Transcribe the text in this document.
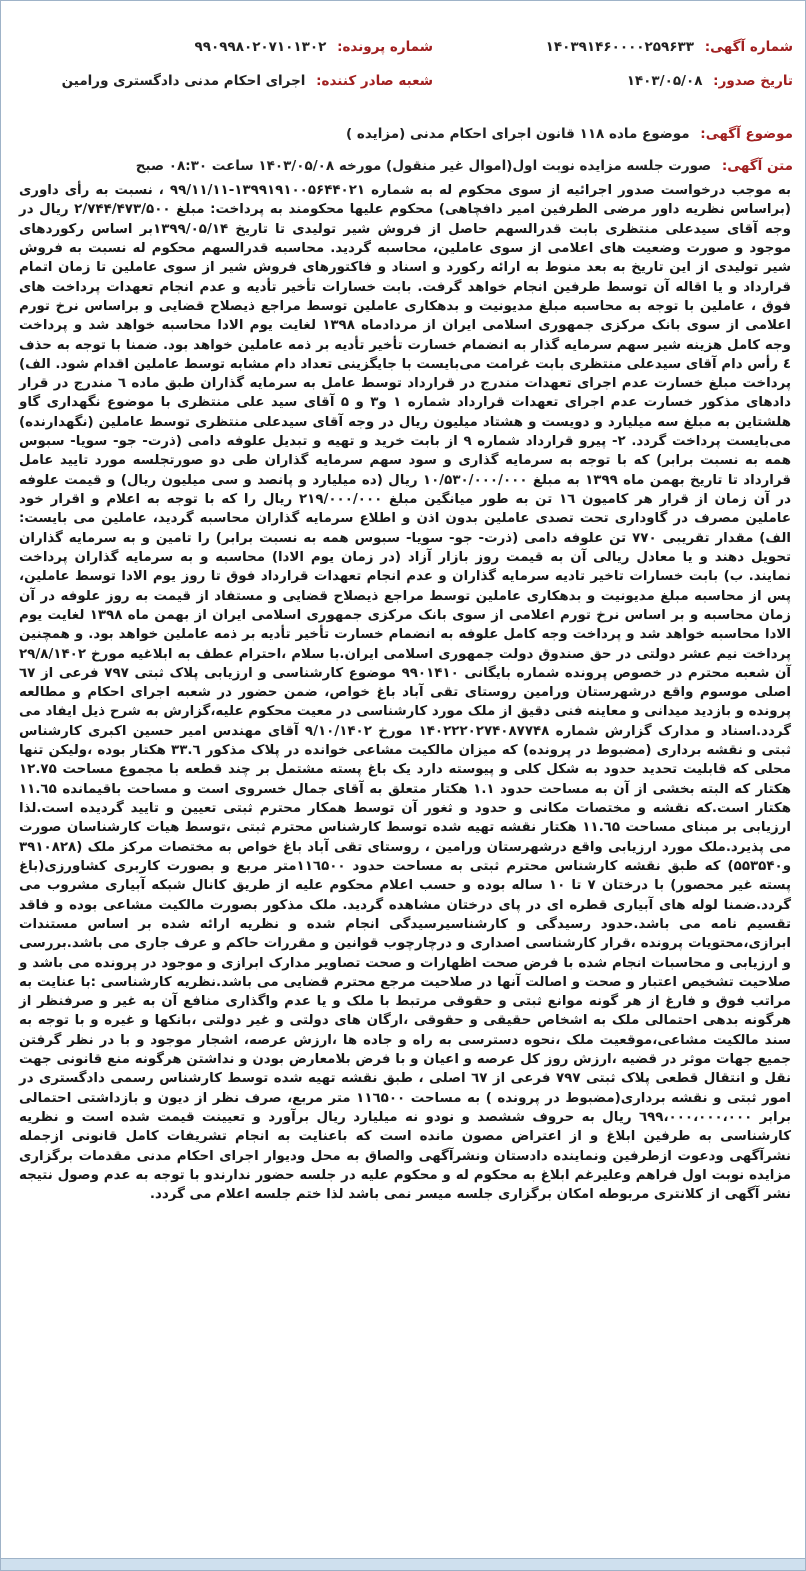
شماره آگهی: ۱۴۰۳۹۱۴۶۰۰۰۰۲۵۹۶۳۳
شماره پرونده: ۹۹۰۹۹۸۰۲۰۷۱۰۱۳۰۲
تاریخ صدور: ۱۴۰۳/۰۵/۰۸
شعبه صادر کننده: اجرای احکام مدنی دادگستری ورامین
موضوع آگهی: موضوع ماده ۱۱۸ قانون اجرای احکام مدنی (مزایده )
متن آگهی: صورت جلسه مزایده نوبت اول(اموال غیر منقول) مورخه ۱۴۰۳/۰۵/۰۸ ساعت ۰۸:۳۰ صبح
به موجب درخواست صدور اجرائیه از سوی محکوم له به شماره ۱۳۹۹۱۹۱۰۰۵۶۴۴۰۲۱-۹۹/۱۱/۱۱ ، نسبت به رأی داوری (براساس نظریه داور مرضی الطرفین امیر دافچاهی) محکوم علیها محکومند به پرداخت: مبلغ ۲/۷۴۴/۴۷۳/۵۰۰ ریال در وجه آقای سیدعلی منتظری بابت قدرالسهم حاصل از فروش شیر تولیدی تا تاریخ ۱۳۹۹/۰۵/۱۴بر اساس رکوردهای موجود و صورت وضعیت های اعلامی از سوی عاملین، محاسبه گردید. محاسبه قدرالسهم محکوم له نسبت به فروش شیر تولیدی از این تاریخ به بعد منوط به ارائه رکورد و اسناد و فاکتورهای فروش شیر از سوی عاملین تا زمان اتمام قرارداد و یا اقاله آن توسط طرفین انجام خواهد گرفت. بابت خسارات تأخیر تأدیه و عدم انجام تعهدات پرداخت های فوق ، عاملین با توجه به محاسبه مبلغ مدیونیت و بدهکاری عاملین توسط مراجع ذیصلاح قضایی و براساس نرخ تورم اعلامی از سوی بانک مرکزی جمهوری اسلامی ایران از مردادماه ۱۳۹۸ لغایت یوم الادا محاسبه خواهد شد و پرداخت وجه کامل هزینه شیر سهم سرمایه گذار به انضمام خسارت تأخیر تأدیه بر ذمه عاملین خواهد بود. ضمنا با توجه به حذف ٤ رأس دام آقای سیدعلی منتظری بابت غرامت می‌بایست با جایگزینی تعداد دام مشابه توسط عاملین اقدام شود. الف) پرداخت مبلغ خسارت عدم اجرای تعهدات مندرج در قرارداد توسط عامل به سرمایه گذاران طبق ماده ٦ مندرج در قرار دادهای مذکور خسارت عدم اجرای تعهدات قرارداد شماره ۱ و۳ و ۵ آقای سید علی منتظری با موضوع نگهداری گاو هلشتاین به مبلغ سه میلیارد و دویست و هشتاد میلیون ریال در وجه آقای سیدعلی منتظری توسط عاملین (نگهدارنده) می‌بایست پرداخت گردد. ۲- پیرو قرارداد شماره ۹ از بابت خرید و تهیه و تبدیل علوفه دامی (ذرت- جو- سویا- سبوس همه به نسبت برابر) که با توجه به سرمایه گذاری و سود سهم سرمایه گذاران طی دو صورتجلسه مورد تایید عامل قرارداد تا تاریخ بهمن ماه ۱۳۹۹ به مبلغ ۱۰/۵۳۰/۰۰۰/۰۰۰ ریال (ده میلیارد و پانصد و سی میلیون ریال) و قیمت علوفه در آن زمان از قرار هر کامیون ١٦ تن به طور میانگین مبلغ ۲۱۹/۰۰۰/۰۰۰ ریال را که با توجه به اعلام و اقرار خود عاملین مصرف در گاوداری تحت تصدی عاملین بدون اذن و اطلاع سرمایه گذاران محاسبه گردید، عاملین می بایست: الف) مقدار تقریبی ۷۷۰ تن علوفه دامی (ذرت- جو- سویا- سبوس همه به نسبت برابر) را تامین و به سرمایه گذاران تحویل دهند و یا معادل ریالی آن به قیمت روز بازار آزاد (در زمان یوم الادا) محاسبه و به سرمایه گذاران پرداخت نمایند. ب) بابت خسارات تاخیر تادیه سرمایه گذاران و عدم انجام تعهدات قرارداد فوق تا روز یوم الادا توسط عاملین، پس از محاسبه مبلغ مدیونیت و بدهکاری عاملین توسط مراجع ذیصلاح قضایی و مستفاد از قیمت به روز علوفه در آن زمان محاسبه و بر اساس نرخ تورم اعلامی از سوی بانک مرکزی جمهوری اسلامی ایران از بهمن ماه ۱۳۹۸ لغایت یوم الادا محاسبه خواهد شد و پرداخت وجه کامل علوفه به انضمام خسارت تأخیر تأدیه بر ذمه عاملین خواهد بود. و همچنین پرداخت نیم عشر دولتی در حق صندوق دولت جمهوری اسلامی ایران.با سلام ،احترام عطف به ابلاغیه مورخ ۲۹/۸/۱۴۰۲ آن شعبه محترم در خصوص پرونده شماره بایگانی ۹۹۰۱۴۱۰ موضوع کارشناسی و ارزیابی پلاک ثبتی ۷۹۷ فرعی از ٦۷ اصلی موسوم واقع درشهرستان ورامین روستای تقی آباد باغ خواص، ضمن حضور در شعبه اجرای احکام و مطالعه پرونده و بازدید میدانی و معاینه فنی دقیق از ملک مورد کارشناسی در معیت محکوم علیه،گزارش به شرح ذیل ایفاد می گردد.اسناد و مدارک گزارش شماره ۱۴۰۲۲۲۰۲۷۴۰۸۷۷۴۸ مورخ ۹/۱۰/۱۴۰۲ آقای مهندس امیر حسین اکبری کارشناس ثبتی و نقشه برداری (مضبوط در پرونده) که میزان مالکیت مشاعی خوانده در پلاک مذکور ۳۳.٦ هکتار بوده ،ولیکن تنها محلی که قابلیت تحدید حدود به شکل کلی و پیوسته دارد یک باغ پسته مشتمل بر چند قطعه با مجموع مساحت ۱۲.۷۵ هکتار که البته بخشی از آن به مساحت حدود ۱.۱ هکتار متعلق به آقای جمال خسروی است و مساحت باقیمانده ۱۱.٦۵ هکتار است.که نقشه و مختصات مکانی و حدود و ثغور آن توسط همکار محترم ثبتی تعیین و تایید گردیده است.لذا ارزیابی بر مبنای مساحت ۱۱.٦۵ هکتار نقشه تهیه شده توسط کارشناس محترم ثبتی ،توسط هیات کارشناسان صورت می پذیرد.ملک مورد ارزیابی واقع درشهرستان ورامین ، روستای تقی آباد باغ خواص به مختصات مرکز ملک (۳۹۱۰۸۲۸ و۵۵۳۵۴۰) که طبق نقشه کارشناس محترم ثبتی به مساحت حدود ۱۱٦۵۰۰متر مربع و بصورت کاربری کشاورزی(باغ پسته غیر محصور) با درختان ۷ تا ۱۰ ساله بوده و حسب اعلام محکوم علیه از طریق کانال شبکه آبیاری مشروب می گردد.ضمنا لوله های آبیاری قطره ای در پای درختان مشاهده گردید. ملک مذکور بصورت مالکیت مشاعی بوده و فاقد تقسیم نامه می باشد.حدود رسیدگی و کارشناسیرسیدگی انجام شده و نظریه ارائه شده بر اساس مستندات ابرازی،محتویات پرونده ،قرار کارشناسی اصداری و درچارچوب قوانین و مقررات حاکم و عرف جاری می باشد.بررسی و ارزیابی و محاسبات انجام شده با فرض صحت اظهارات و صحت تصاویر مدارک ابرازی و موجود در پرونده می باشد و صلاحیت تشخیص اعتبار و صحت و اصالت آنها در صلاحیت مرجع محترم قضایی می باشد.نظریه کارشناسی :با عنایت به مراتب فوق و فارغ از هر گونه موانع ثبتی و حقوقی مرتبط با ملک و یا عدم واگذاری منافع آن به غیر و صرفنظر از هرگونه بدهی احتمالی ملک به اشخاص حقیقی و حقوقی ،ارگان های دولتی و غیر دولتی ،بانکها و غیره و با توجه به سند مالکیت مشاعی،موقعیت ملک ،نحوه دسترسی به راه و جاده ها ،ارزش عرصه، اشجار موجود و با در نظر گرفتن جمیع جهات موثر در قضیه ،ارزش روز کل عرصه و اعیان و با فرض بلامعارض بودن و نداشتن هرگونه منع قانونی جهت نقل و انتقال قطعی پلاک ثبتی ۷۹۷ فرعی از ٦۷ اصلی ، طبق نقشه تهیه شده توسط کارشناس رسمی دادگستری در امور ثبتی و نقشه برداری(مضبوط در پرونده ) به مساحت ۱۱٦۵۰۰ متر مربع، صرف نظر از دیون و بازداشتی احتمالی برابر ٦۹۹،۰۰۰،۰۰۰،۰۰۰ ریال به حروف ششصد و نودو نه میلیارد ریال برآورد و تعیینت قیمت شده است و نظریه کارشناسی به طرفین ابلاغ و از اعتراض مصون مانده است که باعنایت به انجام تشریفات کامل قانونی ازجمله نشرآگهی ودعوت ازطرفین ونماینده دادستان ونشرآگهی والصاق به محل ودیوار اجرای احکام مدنی مقدمات برگزاری مزایده نوبت اول فراهم وعلیرغم ابلاغ به محکوم له و محکوم علیه در جلسه حضور ندارندو با توجه به عدم وصول نتیجه نشر آگهی از کلانتری مربوطه امکان برگزاری جلسه میسر نمی باشد لذا ختم جلسه اعلام می گردد.
